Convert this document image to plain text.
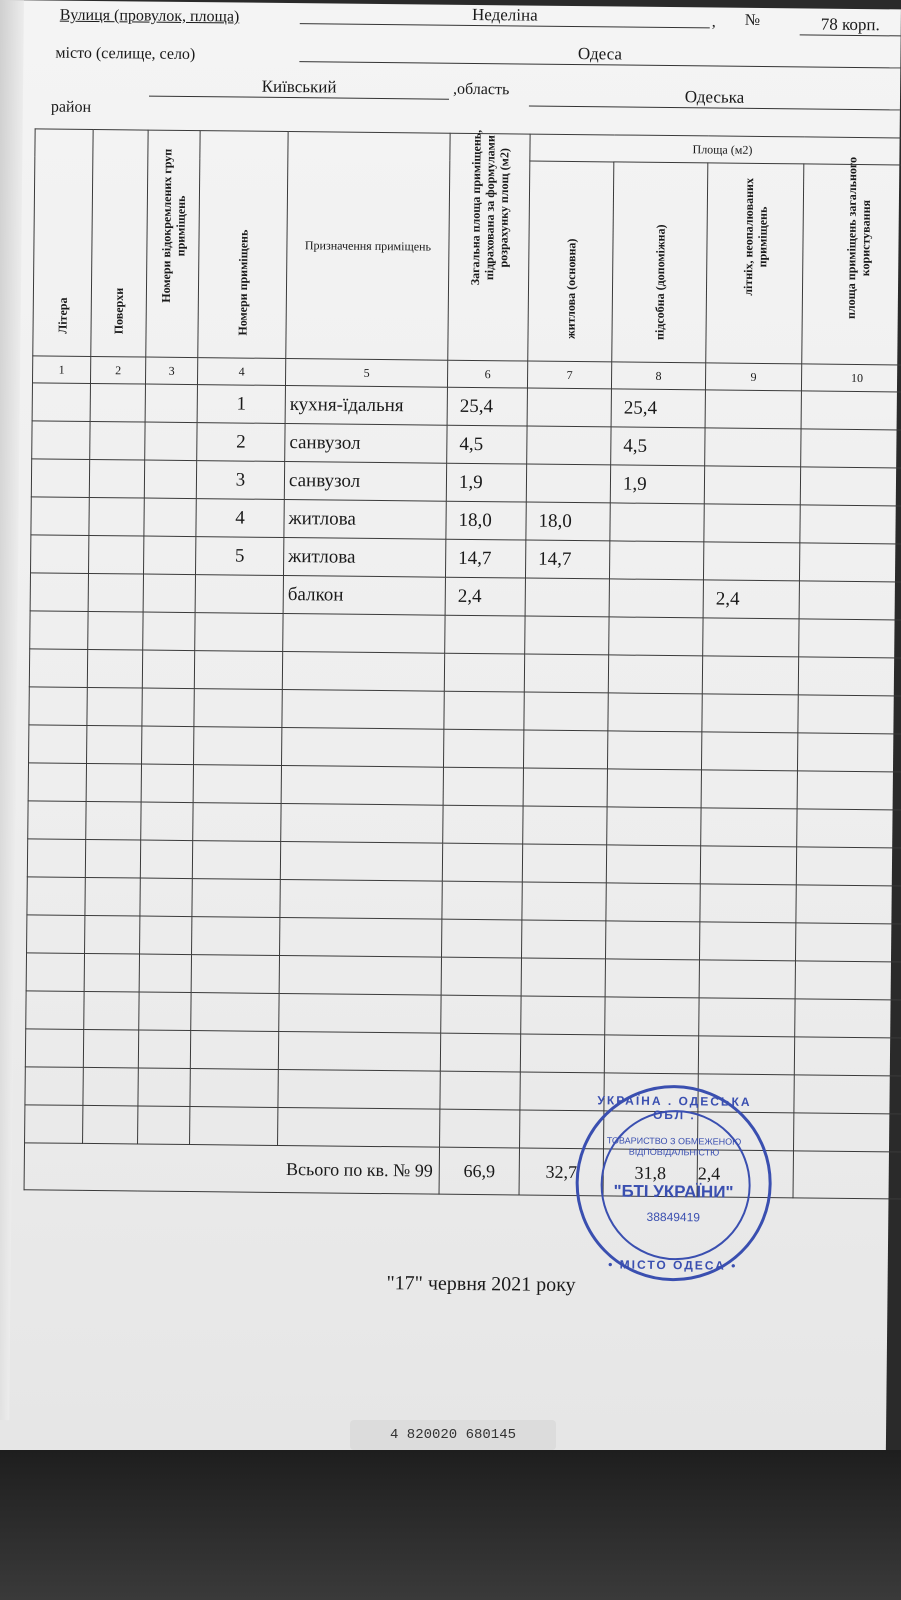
Вулиця (провулок, площа)	Неделіна	, №	78 корп.
місто (селище, село)	Одеса
район
Київський	,область	Одеська
Літера	Поверхи	Номери відокремлених груп приміщень	Номери приміщень	Призначення приміщень	Загальна площа приміщень, підрахована за формулами розрахунку площ (м2)	Площа (м2)			

						житлова (основна)	підсобна (допоміжна)	літніх, неопалюваних приміщень	площа приміщень загального користування

1	2	3	4	5	6	7	8	9	10
			1	кухня-їдальня	25,4		25,4		
			2	санвузол	4,5		4,5		
			3	санвузол	1,9		1,9		
			4	житлова	18,0	18,0			
			5	житлова	14,7	14,7			
				балкон	2,4			2,4	

Всього по кв. № 99					66,9	32,7	31,8	2,4	
"17" червня 2021 року
УКРАЇНА . ОДЕСЬКА ОБЛ .
ТОВАРИСТВО З ОБМЕЖЕНОЮ ВІДПОВІДАЛЬНІСТЮ
"БТІ УКРАЇНИ"
38849419
• МІСТО ОДЕСА •
4 820020 680145
